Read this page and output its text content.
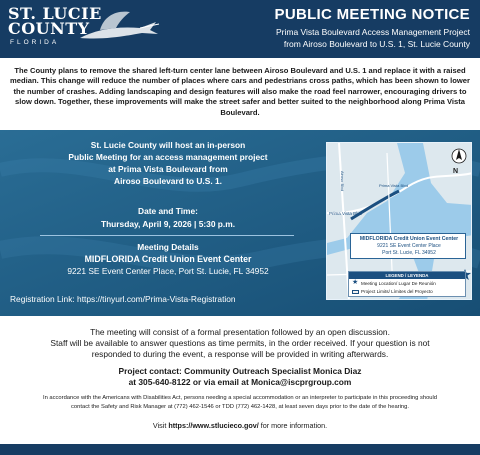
ST. LUCIE
COUNTY
FLORIDA
PUBLIC MEETING NOTICE
Prima Vista Boulevard Access Management Project
from Airoso Boulevard to U.S. 1, St. Lucie County
The County plans to remove the shared left-turn center lane between Airoso Boulevard and U.S. 1 and replace it with a raised median. This change will reduce the number of places where cars and pedestrians cross paths, which has been shown to lower the number of crashes. Adding landscaping and design features will also make the road feel narrower, encouraging drivers to slow down. Together, these improvements will make the street safer and better suited to the neighborhood along Prima Vista Boulevard.
St. Lucie County will host an in-person
Public Meeting for an access management project
at Prima Vista Boulevard from
Airoso Boulevard to U.S. 1.
Date and Time:
Thursday, April 9, 2026 | 5:30 p.m.
Meeting Details
MIDFLORIDA Credit Union Event Center
9221 SE Event Center Place, Port St. Lucie, FL 34952
Registration Link: https://tinyurl.com/Prima-Vista-Registration
Prima Vista Blvd
Prima Vista Blvd
Airoso Blvd	N
MIDFLORIDA Credit Union Event Center
9221 SE Event Center Place
Port St. Lucie, FL 34952
LEGEND / LEYENDA
★ Meeting Location/ Lugar De Reunión
Project Limits/ Límites del Proyecto
The meeting will consist of a formal presentation followed by an open discussion.
Staff will be available to answer questions as time permits, in the order received. If your question is not
responded to during the event, a response will be provided in writing afterwards.
Project contact: Community Outreach Specialist Monica Diaz
at 305-640-8122 or via email at Monica@iscprgroup.com
In accordance with the Americans with Disabilities Act, persons needing a special accommodation or an interpreter to participate in this proceeding should
contact the Safety and Risk Manager at (772) 462-1546 or TDD (772) 462-1428, at least seven days prior to the date of the hearing.
Visit https://www.stlucieco.gov/ for more information.
